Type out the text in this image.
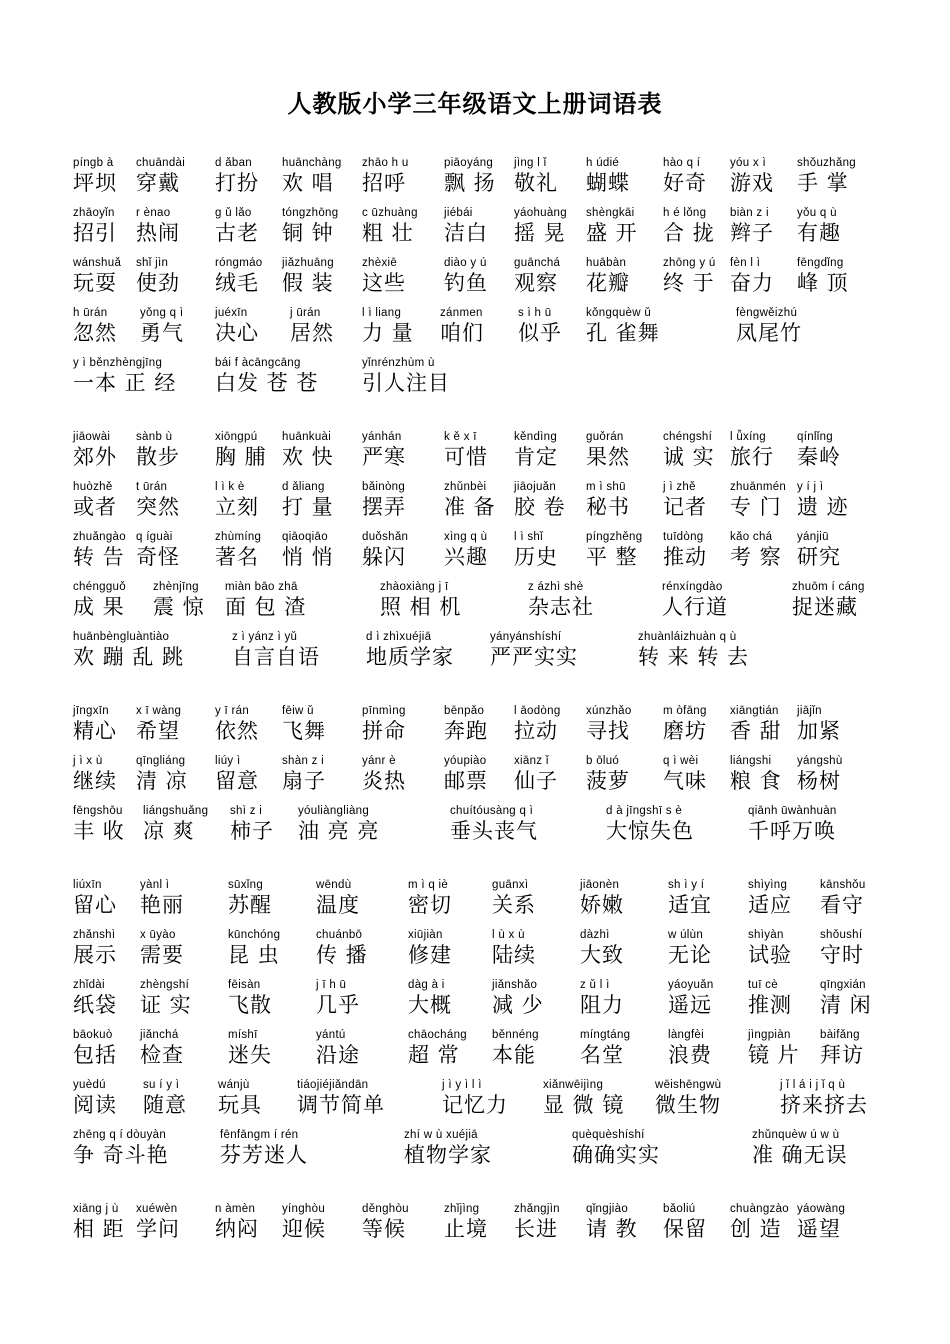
人教版小学三年级语文上册词语表
píngb à
坪坝
chuāndài
穿戴
d ǎban
打扮
huānchàng
欢 唱
zhāo h u
招呼
piāoyáng
飘 扬
jìng l ǐ
敬礼
h údié
蝴蝶
hào q í
好奇
yóu x ì
游戏
shǒuzhǎng
手 掌
zhāoyǐn
招引
r ènao
热闹
g ǔ lǎo
古老
tóngzhōng
铜 钟
c ūzhuàng
粗 壮
jiébái
洁白
yáohuàng
摇 晃
shèngkāi
盛 开
h é lǒng
合 拢
biàn z i
辫子
yǒu q ù
有趣
wánshuǎ
玩耍
shǐ jìn
使劲
róngmáo
绒毛
jiǎzhuāng
假 装
zhèxiē
这些
diào y ú
钓鱼
guānchá
观察
huābàn
花瓣
zhōng y ú
终 于
fèn l ì
奋力
fēngdǐng
峰 顶
h ūrán
忽然
yǒng q ì
勇气
juéxīn
决心
j ūrán
居然
l ì liang
力 量
zánmen
咱们
s ì h ū
似乎
kǒngquèw ǔ
孔 雀舞
fèngwěizhú
凤尾竹
y ì běnzhèngjīng
一本 正 经
bái f àcāngcāng
白发 苍 苍
yǐnrénzhùm ù
引人注目
jiāowài
郊外
sànb ù
散步
xiōngpú
胸 脯
huānkuài
欢 快
yánhán
严寒
k ě x ī
可惜
kěndìng
肯定
guǒrán
果然
chéngshí
诚 实
l ǚxíng
旅行
qínlǐng
秦岭
huòzhě
或者
t ūrán
突然
l ì k è
立刻
d ǎliang
打 量
bǎinòng
摆弄
zhǔnbèi
准 备
jiāojuǎn
胶 卷
m ì shū
秘书
j ì zhě
记者
zhuānmén
专 门
y í j ì
遗 迹
zhuǎngào
转 告
q íguài
奇怪
zhùmíng
著名
qiāoqiāo
悄 悄
duǒshǎn
躲闪
xìng q ù
兴趣
l ì shǐ
历史
píngzhěng
平 整
tuīdòng
推动
kǎo chá
考 察
yánjiū
研究
chéngguǒ
成 果
zhènjīng
震 惊
miàn bāo zhā
面 包 渣
zhàoxiàng j ī
照 相 机
z ázhì shè
杂志社
rénxíngdào
人行道
zhuōm í cáng
捉迷藏
huānbèngluàntiào
欢 蹦 乱 跳
z ì yánz ì yǔ
自言自语
d ì zhìxuéjiā
地质学家
yányánshíshí
严严实实
zhuànláizhuàn q ù
转 来 转 去
jīngxīn
精心
x ī wàng
希望
y ī rán
依然
fēiw ǔ
飞舞
pīnmìng
拼命
bēnpǎo
奔跑
l āodòng
拉动
xúnzhǎo
寻找
m òfāng
磨坊
xiāngtián
香 甜
jiājǐn
加紧
j ì x ù
继续
qīngliáng
清 凉
liúy ì
留意
shàn z i
扇子
yánr è
炎热
yóupiào
邮票
xiānz ǐ
仙子
b ōluó
菠萝
q ì wèi
气味
liángshi
粮 食
yángshù
杨树
fēngshōu
丰 收
liángshuǎng
凉 爽
shì z i
柿子
yóuliàngliàng
油 亮 亮
chuítóusàng q ì
垂头丧气
d à jīngshī s è
大惊失色
qiānh ūwànhuàn
千呼万唤
liúxīn
留心
yànl ì
艳丽
sūxǐng
苏醒
wēndù
温度
m ì q iè
密切
guānxì
关系
jiāonèn
娇嫩
sh ì y í
适宜
shìyìng
适应
kānshǒu
看守
zhǎnshì
展示
x ūyào
需要
kūnchóng
昆 虫
chuánbō
传 播
xiūjiàn
修建
l ù x ù
陆续
dàzhì
大致
w úlùn
无论
shìyàn
试验
shǒushí
守时
zhǐdài
纸袋
zhèngshí
证 实
fēisàn
飞散
j ī h ū
几乎
dàg à i
大概
jiǎnshǎo
减 少
z ǔ l ì
阻力
yáoyuǎn
遥远
tuī cè
推测
qīngxián
清 闲
bāokuò
包括
jiǎnchá
检查
míshī
迷失
yántú
沿途
chāocháng
超 常
běnnéng
本能
míngtáng
名堂
làngfèi
浪费
jìngpiàn
镜 片
bàifǎng
拜访
yuèdú
阅读
su í y ì
随意
wánjù
玩具
tiáojiéjiǎndān
调节简单
j ì y ì l ì
记忆力
xiǎnwēijìng
显 微 镜
wēishēngwù
微生物
j ǐ l á i j ǐ q ù
挤来挤去
zhēng q í dòuyàn
争 奇斗艳
fēnfāngm í rén
芬芳迷人
zhí w ù xuéjiā
植物学家
quèquèshíshí
确确实实
zhǔnquèw ú w ù
准 确无误
xiāng j ù
相 距
xuéwèn
学问
n àmèn
纳闷
yínghòu
迎候
děnghòu
等候
zhǐjìng
止境
zhǎngjìn
长进
qǐngjiào
请 教
bǎoliú
保留
chuàngzào
创 造
yáowàng
遥望
